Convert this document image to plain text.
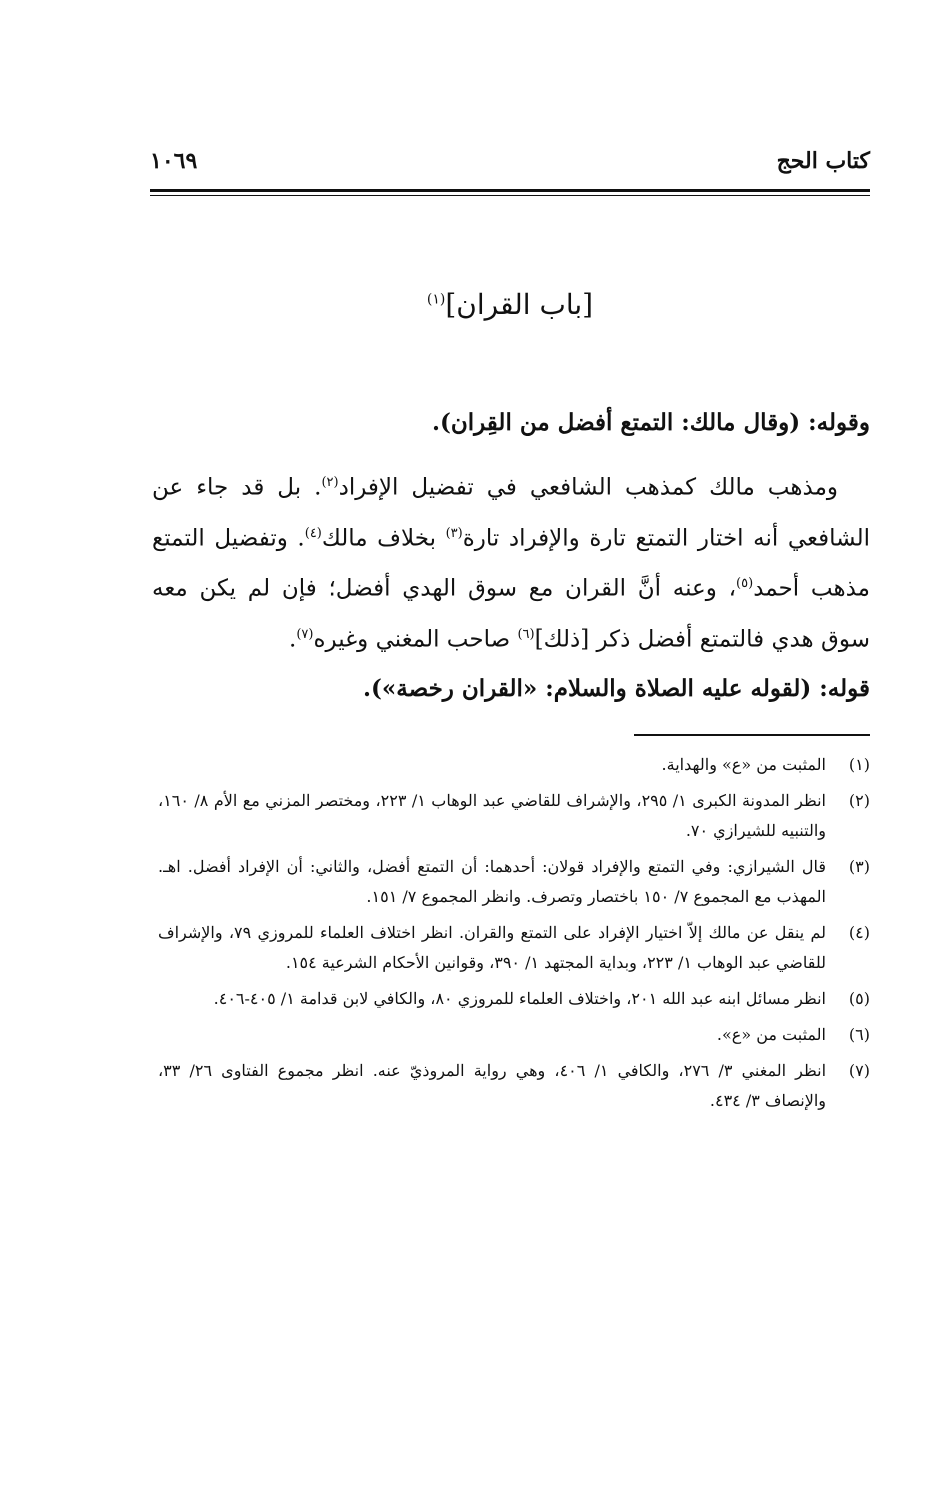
كتاب الحج
١٠٦٩
[باب القران]$^{(١)}$
وقوله: (وقال مالك: التمتع أفضل من القِران).
ومذهب مالك كمذهب الشافعي في تفضيل الإفراد$^{(٢)}$. بل قد جاء عن الشافعي أنه اختار التمتع تارة والإفراد تارة$^{(٣)}$ بخلاف مالك$^{(٤)}$. وتفضيل التمتع مذهب أحمد$^{(٥)}$، وعنه أنَّ القران مع سوق الهدي أفضل؛ فإن لم يكن معه سوق هدي فالتمتع أفضل ذكر [ذلك]$^{(٦)}$ صاحب المغني وغيره$^{(٧)}$.
قوله: (لقوله عليه الصلاة والسلام: «القران رخصة»).
(١)
المثبت من «ع» والهداية.
(٢)
انظر المدونة الكبرى ١/ ٢٩٥، والإشراف للقاضي عبد الوهاب ١/ ٢٢٣، ومختصر المزني مع الأم ٨/ ١٦٠، والتنبيه للشيرازي ٧٠.
(٣)
قال الشيرازي: وفي التمتع والإفراد قولان: أحدهما: أن التمتع أفضل، والثاني: أن الإفراد أفضل. اهـ. المهذب مع المجموع ٧/ ١٥٠ باختصار وتصرف. وانظر المجموع ٧/ ١٥١.
(٤)
لم ينقل عن مالك إلاّ اختيار الإفراد على التمتع والقران. انظر اختلاف العلماء للمروزي ٧٩، والإشراف للقاضي عبد الوهاب ١/ ٢٢٣، وبداية المجتهد ١/ ٣٩٠، وقوانين الأحكام الشرعية ١٥٤.
(٥)
انظر مسائل ابنه عبد الله ٢٠١، واختلاف العلماء للمروزي ٨٠، والكافي لابن قدامة ١/ ٤٠٥-٤٠٦.
(٦)
المثبت من «ع».
(٧)
انظر المغني ٣/ ٢٧٦، والكافي ١/ ٤٠٦، وهي رواية المروذيّ عنه. انظر مجموع الفتاوى ٢٦/ ٣٣، والإنصاف ٣/ ٤٣٤.
